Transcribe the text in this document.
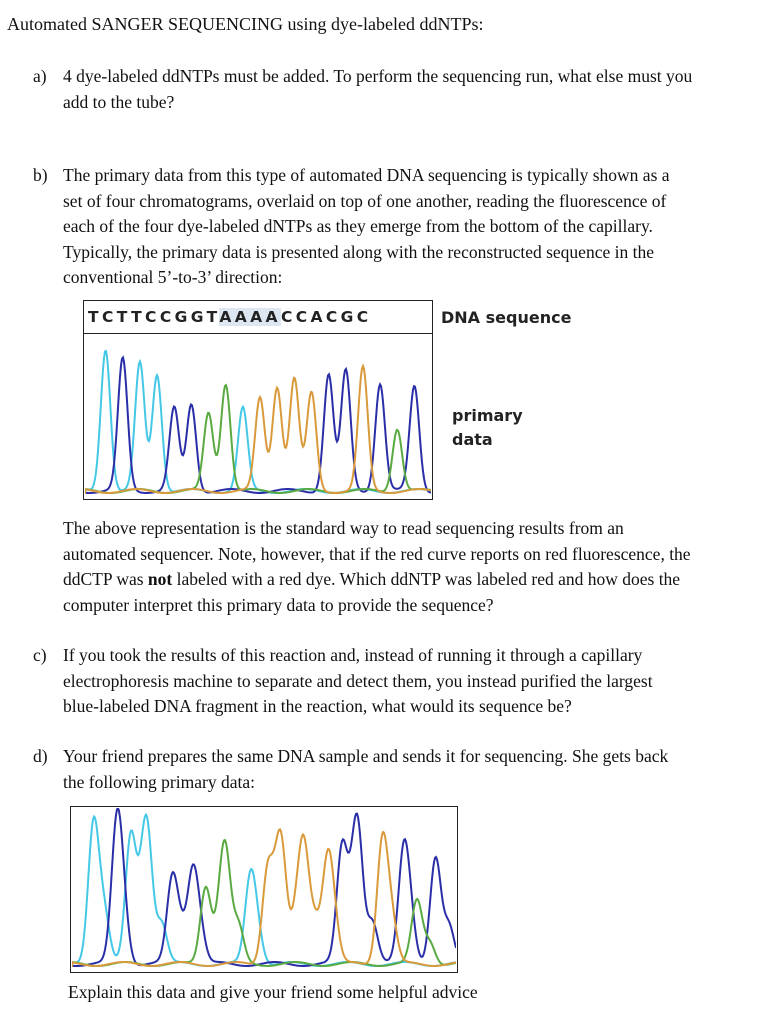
Automated SANGER SEQUENCING using dye-labeled ddNTPs:
a) 4 dye-labeled ddNTPs must be added. To perform the sequencing run, what else must you
add to the tube?
b) The primary data from this type of automated DNA sequencing is typically shown as a
set of four chromatograms, overlaid on top of one another, reading the fluorescence of
each of the four dye-labeled dNTPs as they emerge from the bottom of the capillary.
Typically, the primary data is presented along with the reconstructed sequence in the
conventional 5’-to-3’ direction:
TCTTCCGGTAAAACCACGC	DNA sequence
primary
data
The above representation is the standard way to read sequencing results from an
automated sequencer. Note, however, that if the red curve reports on red fluorescence, the
ddCTP was not labeled with a red dye. Which ddNTP was labeled red and how does the
computer interpret this primary data to provide the sequence?
c) If you took the results of this reaction and, instead of running it through a capillary
electrophoresis machine to separate and detect them, you instead purified the largest
blue-labeled DNA fragment in the reaction, what would its sequence be?
d) Your friend prepares the same DNA sample and sends it for sequencing. She gets back
the following primary data:
Explain this data and give your friend some helpful advice
